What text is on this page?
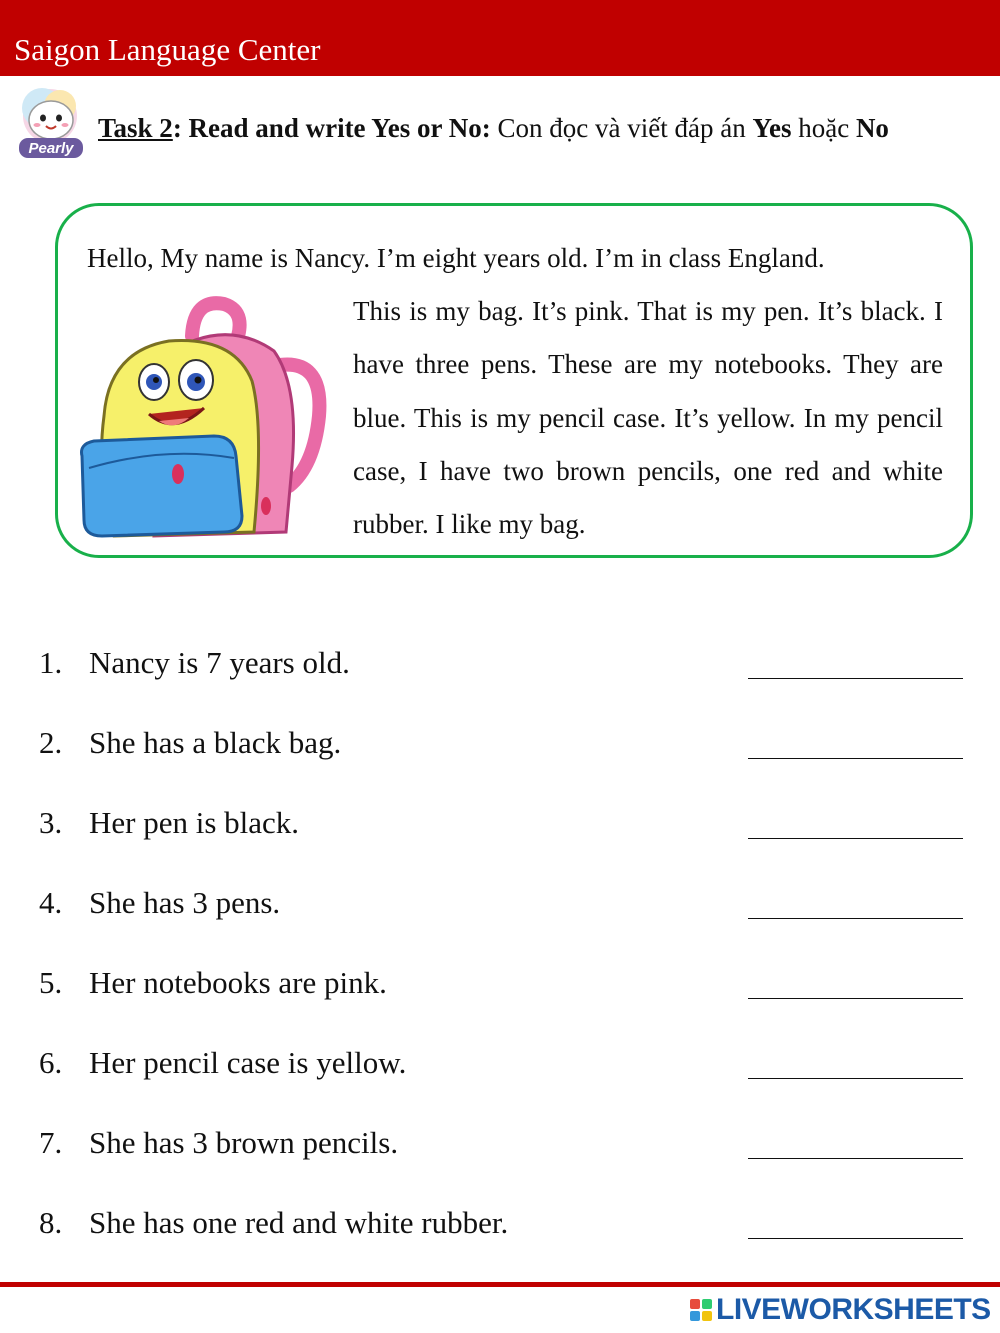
Saigon Language Center
Pearly
Task 2: Read and write Yes or No: Con đọc và viết đáp án Yes hoặc No
Hello, My name is Nancy. I’m eight years old. I’m in class England.
This is my bag. It’s pink. That is my pen. It’s black. I have three pens. These are my notebooks. They are blue. This is my pencil case. It’s yellow. In my pencil case, I have two brown pencils, one red and white rubber. I like my bag.
1. Nancy is 7 years old.
2. She has a black bag.
3. Her pen is black.
4. She has 3 pens.
5. Her notebooks are pink.
6. Her pencil case is yellow.
7. She has 3 brown pencils.
8. She has one red and white rubber.
LIVEWORKSHEETS
